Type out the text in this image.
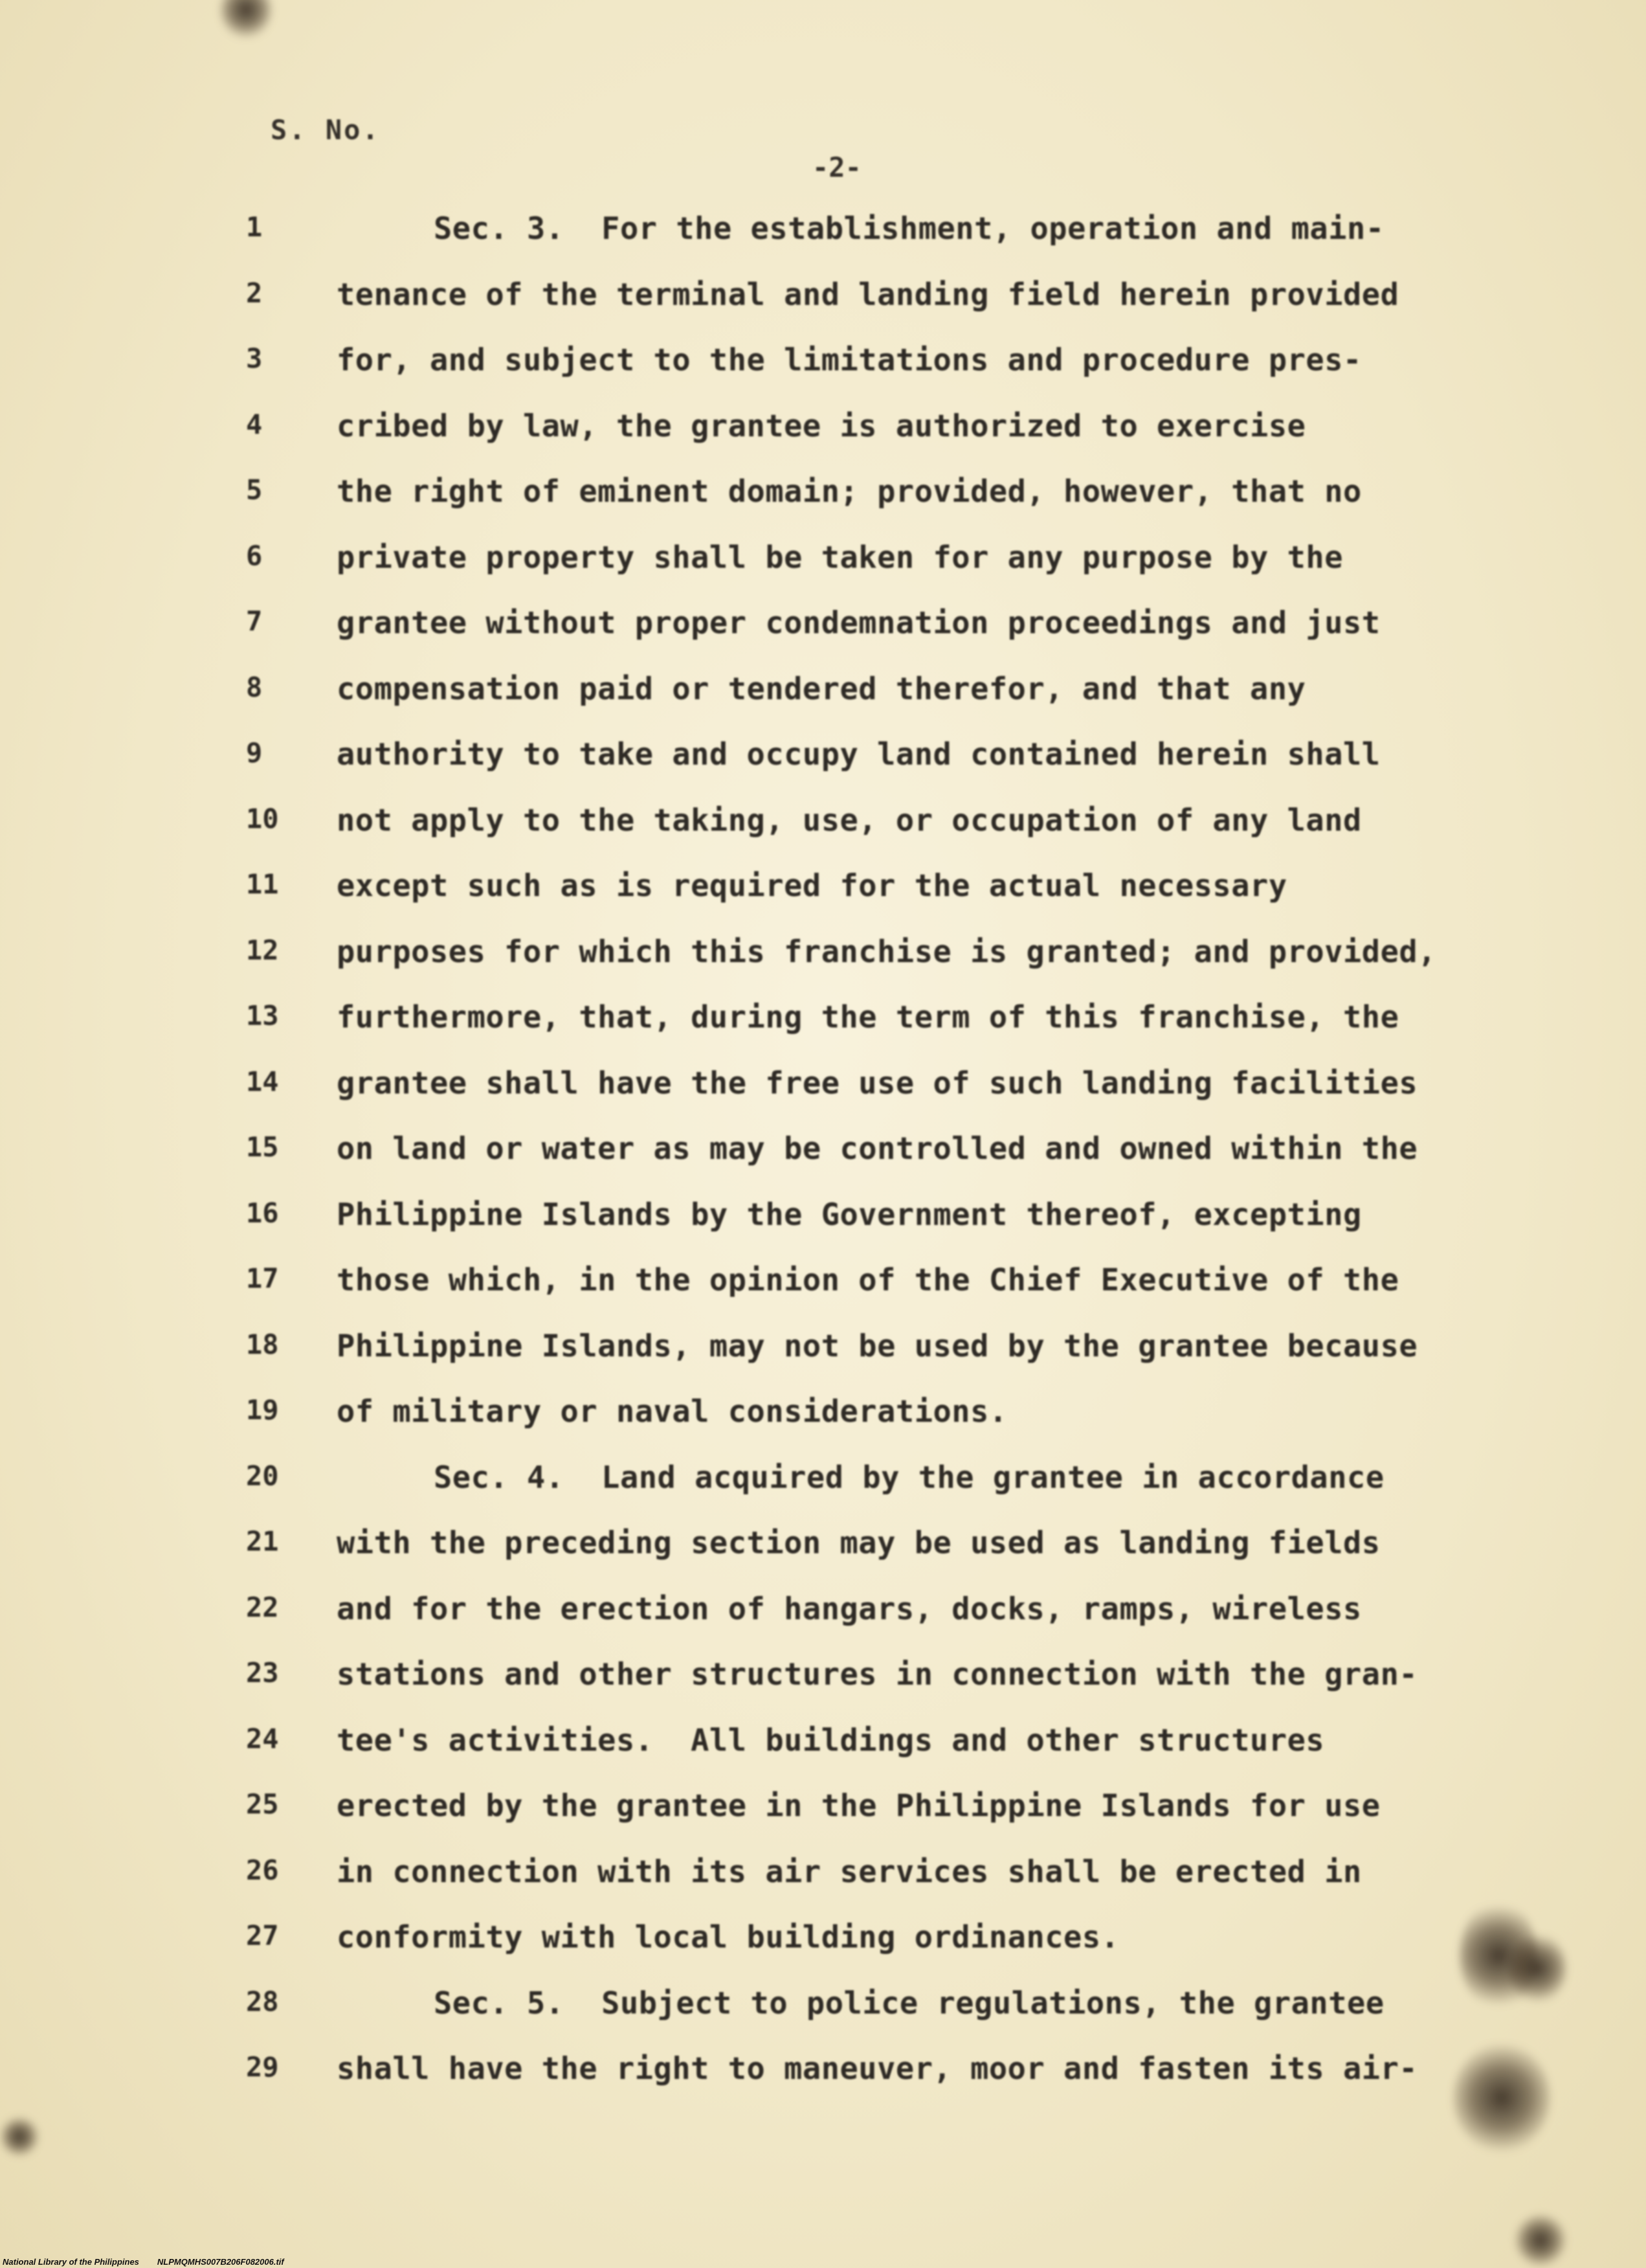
S. No.
-2-
1	Sec. 3.  For the establishment, operation and main-
2	tenance of the terminal and landing field herein provided
3	for, and subject to the limitations and procedure pres-
4	cribed by law, the grantee is authorized to exercise
5	the right of eminent domain; provided, however, that no
6	private property shall be taken for any purpose by the
7	grantee without proper condemnation proceedings and just
8	compensation paid or tendered therefor, and that any
9	authority to take and occupy land contained herein shall
10	not apply to the taking, use, or occupation of any land
11	except such as is required for the actual necessary
12	purposes for which this franchise is granted; and provided,
13	furthermore, that, during the term of this franchise, the
14	grantee shall have the free use of such landing facilities
15	on land or water as may be controlled and owned within the
16	Philippine Islands by the Government thereof, excepting
17	those which, in the opinion of the Chief Executive of the
18	Philippine Islands, may not be used by the grantee because
19	of military or naval considerations.
20	Sec. 4.  Land acquired by the grantee in accordance
21	with the preceding section may be used as landing fields
22	and for the erection of hangars, docks, ramps, wireless
23	stations and other structures in connection with the gran-
24	tee's activities.  All buildings and other structures
25	erected by the grantee in the Philippine Islands for use
26	in connection with its air services shall be erected in
27	conformity with local building ordinances.
28	Sec. 5.  Subject to police regulations, the grantee
29	shall have the right to maneuver, moor and fasten its air-
National Library of the Philippines NLPMQMHS007B206F082006.tif
